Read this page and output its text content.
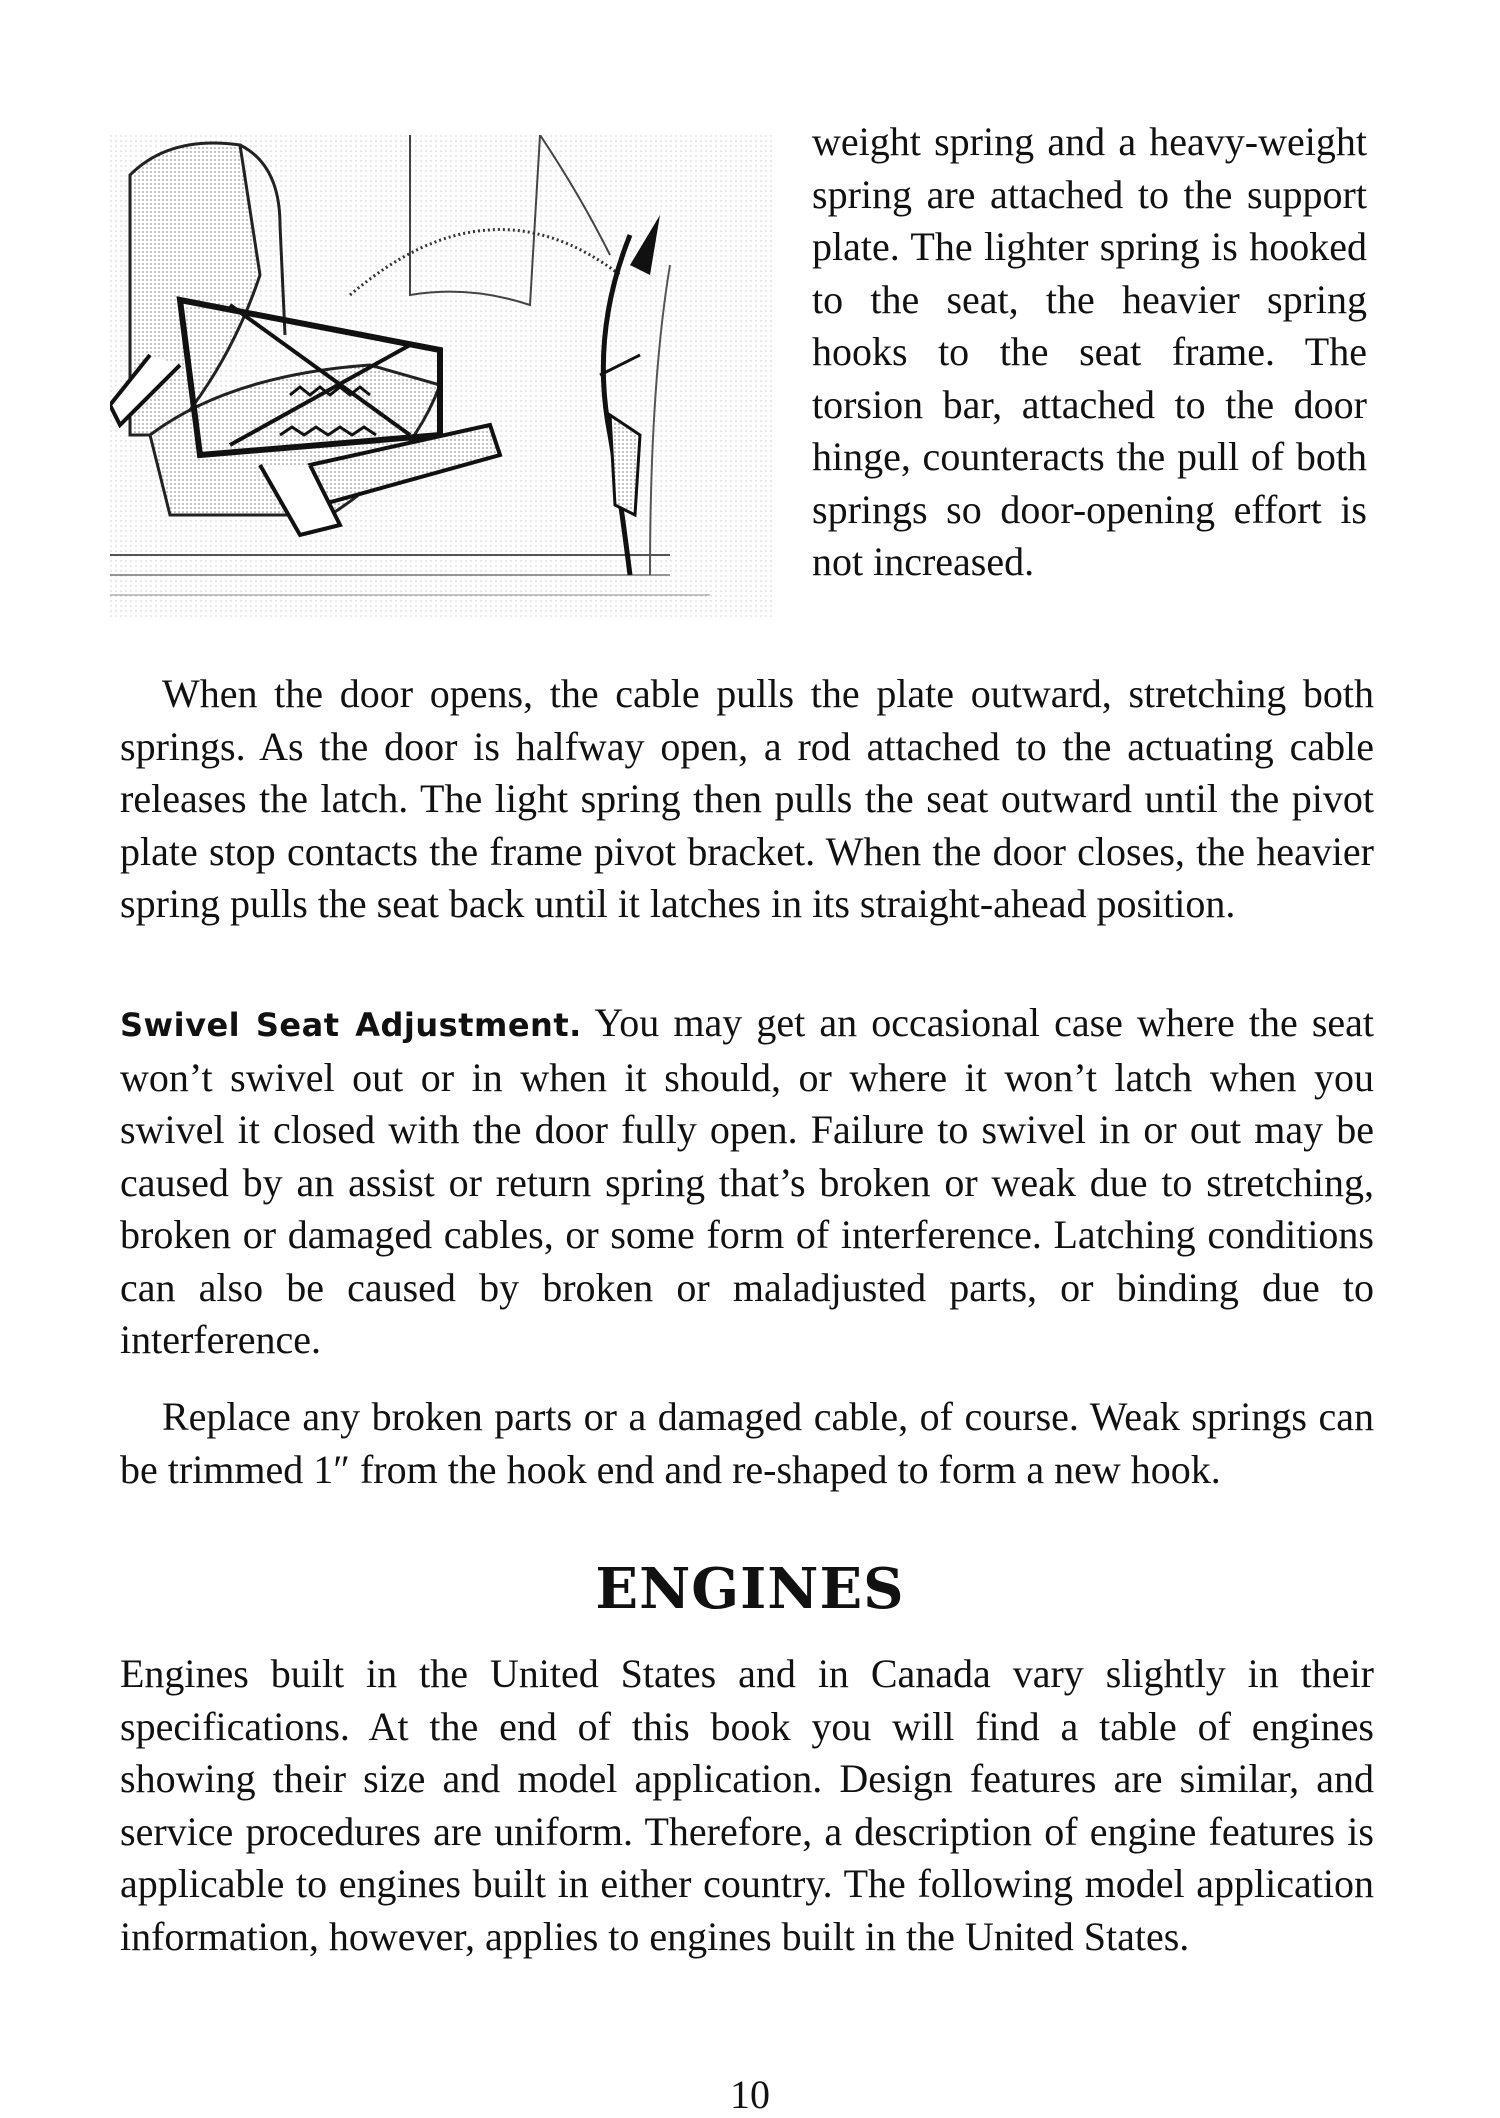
weight spring and a heavy-weight spring are attached to the support plate. The lighter spring is hooked to the seat, the heavier spring hooks to the seat frame. The torsion bar, attached to the door hinge, counteracts the pull of both springs so door-opening effort is not increased.

When the door opens, the cable pulls the plate outward, stretching both springs. As the door is halfway open, a rod attached to the actuating cable releases the latch. The light spring then pulls the seat outward until the pivot plate stop contacts the frame pivot bracket. When the door closes, the heavier spring pulls the seat back until it latches in its straight-ahead position.

Swivel Seat Adjustment. You may get an occasional case where the seat won’t swivel out or in when it should, or where it won’t latch when you swivel it closed with the door fully open. Failure to swivel in or out may be caused by an assist or return spring that’s broken or weak due to stretching, broken or damaged cables, or some form of interference. Latching conditions can also be caused by broken or maladjusted parts, or binding due to interference.

Replace any broken parts or a damaged cable, of course. Weak springs can be trimmed 1″ from the hook end and re-shaped to form a new hook.

ENGINES

Engines built in the United States and in Canada vary slightly in their specifications. At the end of this book you will find a table of engines showing their size and model application. Design features are similar, and service procedures are uniform. Therefore, a description of engine features is applicable to engines built in either country. The following model application information, however, applies to engines built in the United States.

10
